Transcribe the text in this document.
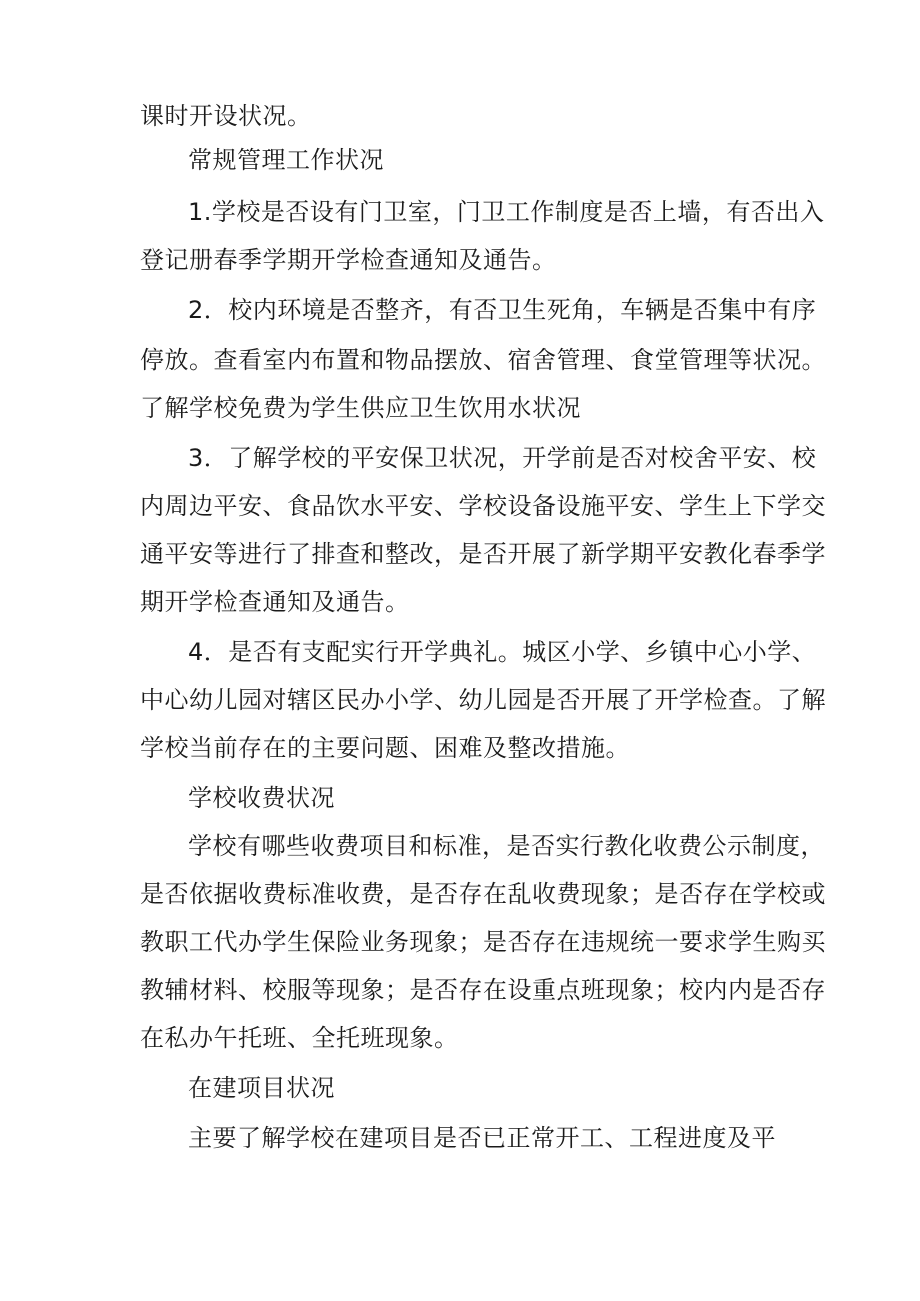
课时开设状况。
常规管理工作状况
1.学校是否设有门卫室，门卫工作制度是否上墙，有否出入
登记册春季学期开学检查通知及通告。
2．校内环境是否整齐，有否卫生死角，车辆是否集中有序
停放。查看室内布置和物品摆放、宿舍管理、食堂管理等状况。
了解学校免费为学生供应卫生饮用水状况
3．了解学校的平安保卫状况，开学前是否对校舍平安、校
内周边平安、食品饮水平安、学校设备设施平安、学生上下学交
通平安等进行了排查和整改，是否开展了新学期平安教化春季学
期开学检查通知及通告。
4．是否有支配实行开学典礼。城区小学、乡镇中心小学、
中心幼儿园对辖区民办小学、幼儿园是否开展了开学检查。了解
学校当前存在的主要问题、困难及整改措施。
学校收费状况
学校有哪些收费项目和标准，是否实行教化收费公示制度，
是否依据收费标准收费，是否存在乱收费现象；是否存在学校或
教职工代办学生保险业务现象；是否存在违规统一要求学生购买
教辅材料、校服等现象；是否存在设重点班现象；校内内是否存
在私办午托班、全托班现象。
在建项目状况
主要了解学校在建项目是否已正常开工、工程进度及平
